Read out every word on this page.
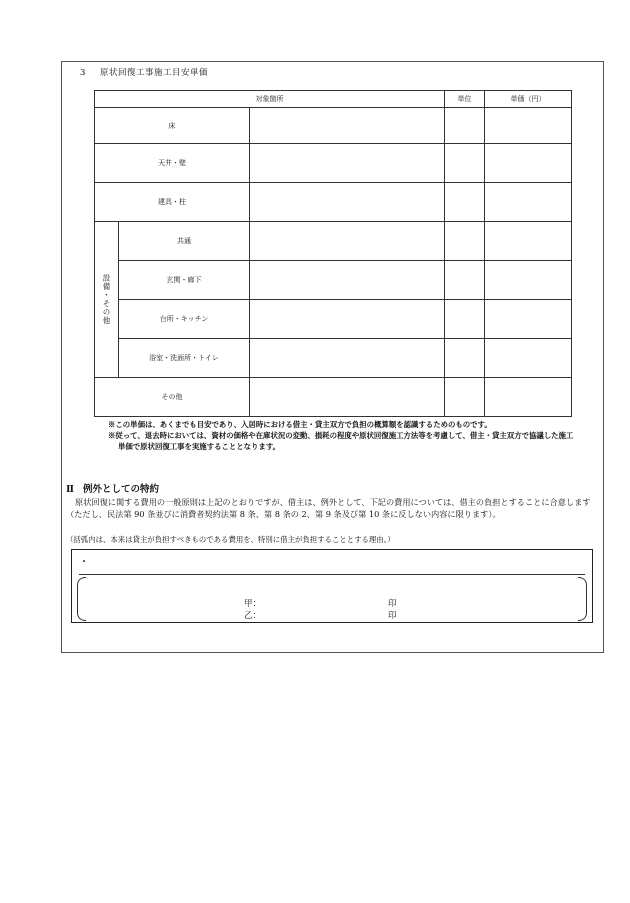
3 原状回復工事施工目安単価
対象箇所			単位	単価（円）
床				
天井・壁				
建具・柱				
設備・その他	共通			
	玄関・廊下			
	台所・キッチン			
	浴室・洗面所・トイレ			
その他				
※この単価は、あくまでも目安であり、入居時における借主・貸主双方で負担の概算額を認識するためのものです。
※従って、退去時においては、資材の価格や在庫状況の変動、損耗の程度や原状回復施工方法等を考慮して、借主・貸主双方で協議した施工単価で原状回復工事を実施することとなります。
Ⅱ 例外としての特約
原状回復に関する費用の一般原則は上記のとおりですが、借主は、例外として、下記の費用については、借主の負担とすることに合意します（ただし、民法第 90 条並びに消費者契約法第 8 条、第 8 条の 2、第 9 条及び第 10 条に反しない内容に限ります）。
（括弧内は、本来は貸主が負担すべきものである費用を、特別に借主が負担することとする理由。）
・
甲：	印
乙：	印
